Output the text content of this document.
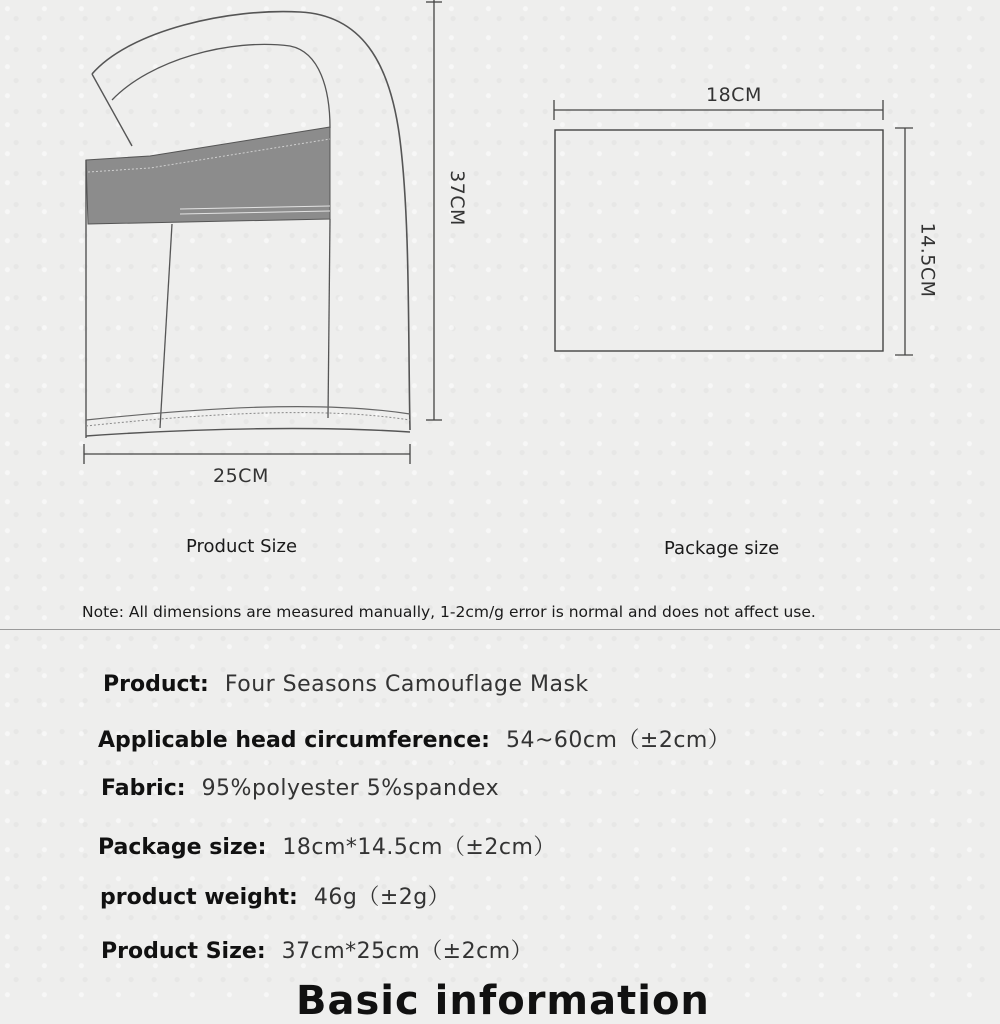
37CM
25CM
Product Size
18CM
14.5CM
Package size
Note: All dimensions are measured manually, 1-2cm/g error is normal and does not affect use.
Product: Four Seasons Camouflage Mask
Applicable head circumference: 54~60cm（±2cm）
Fabric: 95%polyester 5%spandex
Package size: 18cm*14.5cm（±2cm）
product weight: 46g（±2g）
Product Size: 37cm*25cm（±2cm）
Basic information
